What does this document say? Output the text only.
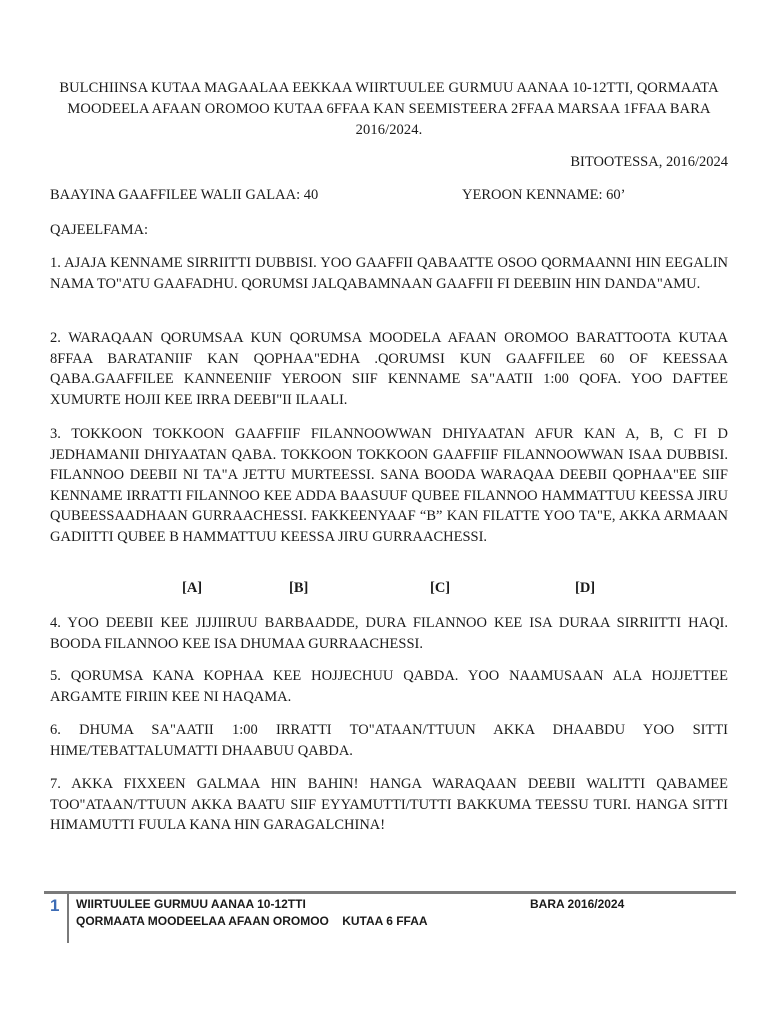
BULCHIINSA KUTAA MAGAALAA EEKKAA WIIRTUULEE GURMUU AANAA 10-12TTI, QORMAATA MOODEELA AFAAN OROMOO KUTAA 6FFAA KAN SEEMISTEERA 2FFAA MARSAA 1FFAA BARA 2016/2024.
BITOOTESSA, 2016/2024
BAAYINA GAAFFILEE WALII GALAA: 40	YEROON KENNAME: 60’
QAJEELFAMA:
1. AJAJA KENNAME SIRRIITTI DUBBISI. YOO GAAFFII QABAATTE OSOO QORMAANNI HIN EEGALIN NAMA TO"ATU GAAFADHU. QORUMSI JALQABAMNAAN GAAFFII FI DEEBIIN HIN DANDA"AMU.
2. WARAQAAN QORUMSAA KUN QORUMSA MOODELA AFAAN OROMOO BARATTOOTA KUTAA 8FFAA BARATANIIF KAN QOPHAA"EDHA .QORUMSI KUN GAAFFILEE 60 OF KEESSAA QABA.GAAFFILEE KANNEENIIF YEROON SIIF KENNAME SA"AATII 1:00 QOFA. YOO DAFTEE XUMURTE HOJII KEE IRRA DEEBI"II ILAALI.
3. TOKKOON TOKKOON GAAFFIIF FILANNOOWWAN DHIYAATAN AFUR KAN A, B, C FI D JEDHAMANII DHIYAATAN QABA. TOKKOON TOKKOON GAAFFIIF FILANNOOWWAN ISAA DUBBISI. FILANNOO DEEBII NI TA"A JETTU MURTEESSI. SANA BOODA WARAQAA DEEBII QOPHAA"EE SIIF KENNAME IRRATTI FILANNOO KEE ADDA BAASUUF QUBEE FILANNOO HAMMATTUU KEESSA JIRU QUBEESSAADHAAN GURRAACHESSI. FAKKEENYAAF “B” KAN FILATTE YOO TA"E, AKKA ARMAAN GADIITTI QUBEE B HAMMATTUU KEESSA JIRU GURRAACHESSI.
[A]	[B]	[C]	[D]
4. YOO DEEBII KEE JIJJIIRUU BARBAADDE, DURA FILANNOO KEE ISA DURAA SIRRIITTI HAQI. BOODA FILANNOO KEE ISA DHUMAA GURRAACHESSI.
5. QORUMSA KANA KOPHAA KEE HOJJECHUU QABDA. YOO NAAMUSAAN ALA HOJJETTEE ARGAMTE FIRIIN KEE NI HAQAMA.
6. DHUMA SA"AATII 1:00 IRRATTI TO"ATAAN/TTUUN AKKA DHAABDU YOO SITTI HIME/TEBATTALUMATTI DHAABUU QABDA.
7. AKKA FIXXEEN GALMAA HIN BAHIN! HANGA WARAQAAN DEEBII WALITTI QABAMEE TOO"ATAAN/TTUUN AKKA BAATU SIIF EYYAMUTTI/TUTTI BAKKUMA TEESSU TURI. HANGA SITTI HIMAMUTTI FUULA KANA HIN GARAGALCHINA!
1 WIIRTUULEE GURMUU AANAA 10-12TTI	BARA 2016/2024
QORMAATA MOODEELAA AFAAN OROMOO    KUTAA 6 FFAA
